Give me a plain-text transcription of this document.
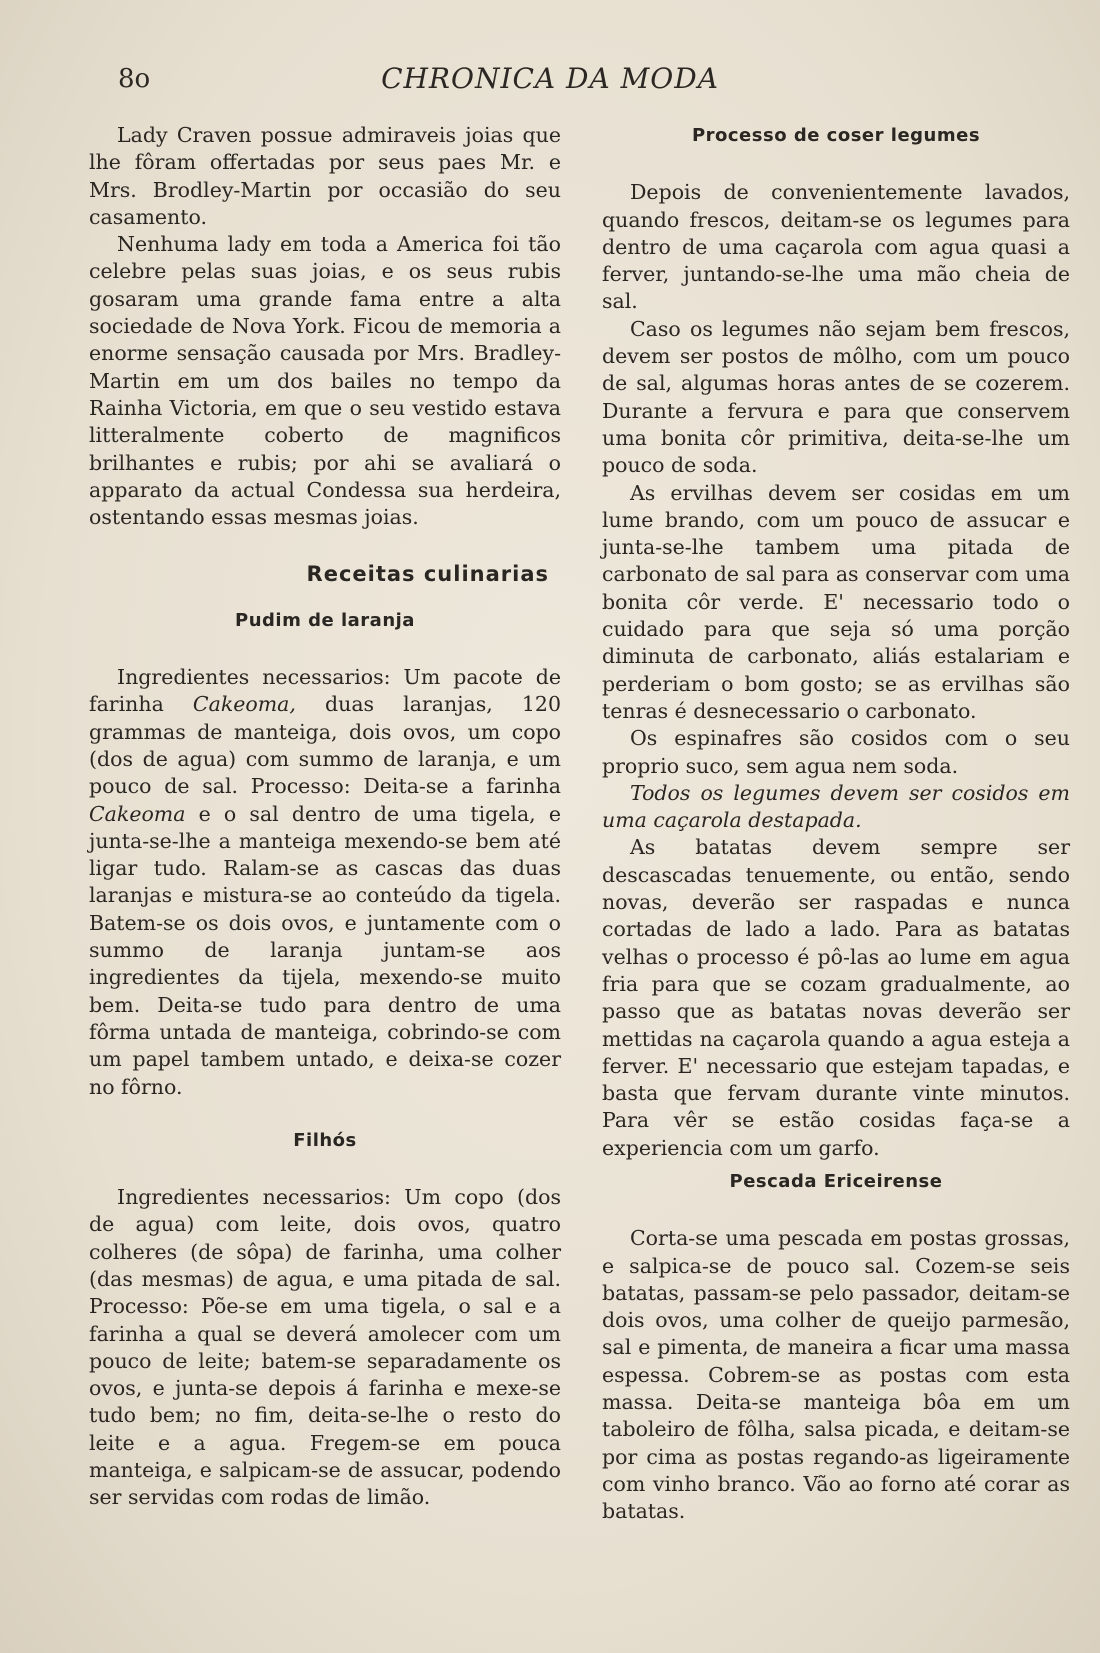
8o	CHRONICA DA MODA

Lady Craven possue admiraveis joias que lhe fôram offertadas por seus paes Mr. e Mrs. Brodley-Martin por occasião do seu casamento.

Nenhuma lady em toda a America foi tão celebre pelas suas joias, e os seus rubis gosaram uma grande fama entre a alta sociedade de Nova York. Ficou de memoria a enorme sensação causada por Mrs. Bradley-Martin em um dos bailes no tempo da Rainha Victoria, em que o seu vestido estava litteralmente coberto de magnificos brilhantes e rubis; por ahi se avaliará o apparato da actual Condessa sua herdeira, ostentando essas mesmas joias.

Receitas culinarias
Pudim de laranja

Ingredientes necessarios: Um pacote de farinha Cakeoma, duas laranjas, 120 grammas de manteiga, dois ovos, um copo (dos de agua) com summo de laranja, e um pouco de sal. Processo: Deita-se a farinha Cakeoma e o sal dentro de uma tigela, e junta-se-lhe a manteiga mexendo-se bem até ligar tudo. Ralam-se as cascas das duas laranjas e mistura-se ao conteúdo da tigela. Batem-se os dois ovos, e juntamente com o summo de laranja juntam-se aos ingredientes da tijela, mexendo-se muito bem. Deita-se tudo para dentro de uma fôrma untada de manteiga, cobrindo-se com um papel tambem untado, e deixa-se cozer no fôrno.

Filhós

Ingredientes necessarios: Um copo (dos de agua) com leite, dois ovos, quatro colheres (de sôpa) de farinha, uma colher (das mesmas) de agua, e uma pitada de sal. Processo: Põe-se em uma tigela, o sal e a farinha a qual se deverá amolecer com um pouco de leite; batem-se separadamente os ovos, e junta-se depois á farinha e mexe-se tudo bem; no fim, deita-se-lhe o resto do leite e a agua. Fregem-se em pouca manteiga, e salpicam-se de assucar, podendo ser servidas com rodas de limão.

Processo de coser legumes

Depois de convenientemente lavados, quando frescos, deitam-se os legumes para dentro de uma caçarola com agua quasi a ferver, juntando-se-lhe uma mão cheia de sal.

Caso os legumes não sejam bem frescos, devem ser postos de môlho, com um pouco de sal, algumas horas antes de se cozerem. Durante a fervura e para que conservem uma bonita côr primitiva, deita-se-lhe um pouco de soda.

As ervilhas devem ser cosidas em um lume brando, com um pouco de assucar e junta-se-lhe tambem uma pitada de carbonato de sal para as conservar com uma bonita côr verde. E' necessario todo o cuidado para que seja só uma porção diminuta de carbonato, aliás estalariam e perderiam o bom gosto; se as ervilhas são tenras é desnecessario o carbonato.

Os espinafres são cosidos com o seu proprio suco, sem agua nem soda.

Todos os legumes devem ser cosidos em uma caçarola destapada.

As batatas devem sempre ser descascadas tenuemente, ou então, sendo novas, deverão ser raspadas e nunca cortadas de lado a lado. Para as batatas velhas o processo é pô-las ao lume em agua fria para que se cozam gradualmente, ao passo que as batatas novas deverão ser mettidas na caçarola quando a agua esteja a ferver. E' necessario que estejam tapadas, e basta que fervam durante vinte minutos. Para vêr se estão cosidas faça-se a experiencia com um garfo.

Pescada Ericeirense

Corta-se uma pescada em postas grossas, e salpica-se de pouco sal. Cozem-se seis batatas, passam-se pelo passador, deitam-se dois ovos, uma colher de queijo parmesão, sal e pimenta, de maneira a ficar uma massa espessa. Cobrem-se as postas com esta massa. Deita-se manteiga bôa em um taboleiro de fôlha, salsa picada, e deitam-se por cima as postas regando-as ligeiramente com vinho branco. Vão ao forno até corar as batatas.
